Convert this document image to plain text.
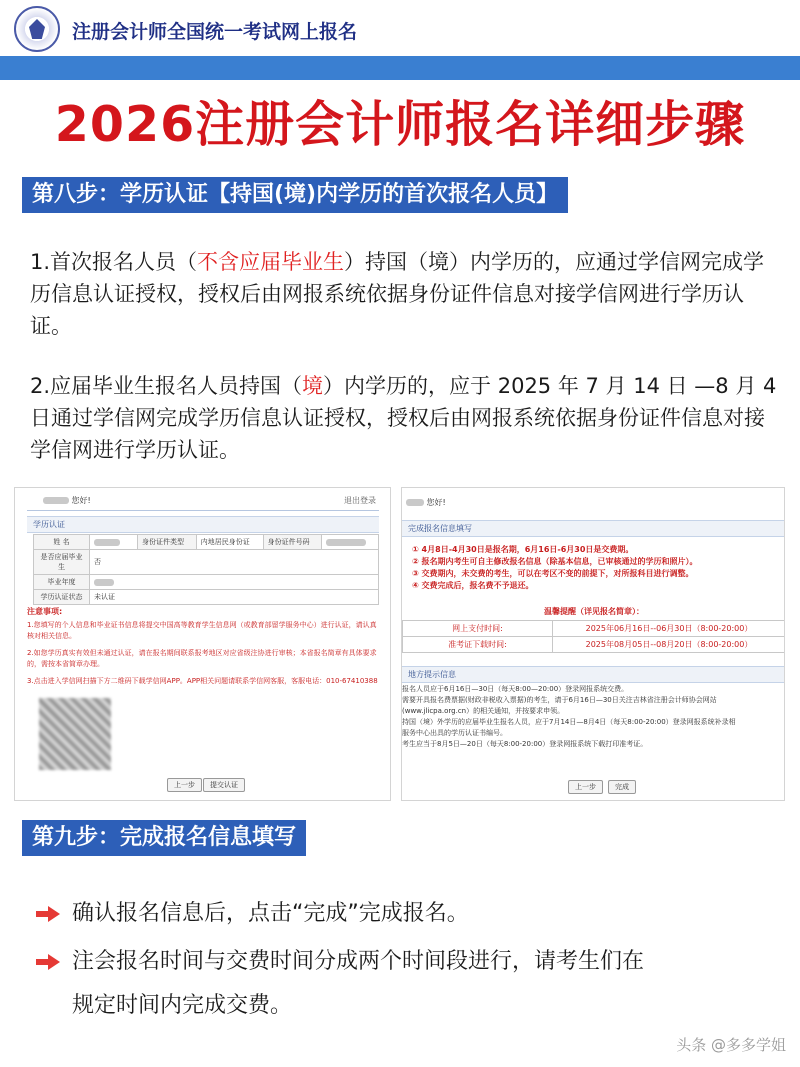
注册会计师全国统一考试网上报名
2026注册会计师报名详细步骤
第八步：学历认证【持国(境)内学历的首次报名人员】
1.首次报名人员（不含应届毕业生）持国（境）内学历的，应通过学信网完成学历信息认证授权，授权后由网报系统依据身份证件信息对接学信网进行学历认证。
2.应届毕业生报名人员持国（境）内学历的，应于 2025 年 7 月 14 日 —8 月 4 日通过学信网完成学历信息认证授权，授权后由网报系统依据身份证件信息对接学信网进行学历认证。
您好!	退出登录
学历认证
姓 名		身份证件类型	内地居民身份证	身份证件号码	
是否应届毕业生	否				
毕业年度					
学历认证状态	未认证				
注意事项:
1.您填写的个人信息和毕业证书信息将提交中国高等教育学生信息网（或教育部留学服务中心）进行认证，请认真核对相关信息。
2.如您学历真实有效但未通过认证，请在报名期间联系报考地区对应省级注协进行审核；本省报名简章有具体要求的，需按本省简章办理。
3.点击进入学信网扫描下方二维码下载学信网APP。APP相关问题请联系学信网客服，客服电话：010-67410388
上一步	提交认证
您好!
完成报名信息填写
① 4月8日-4月30日是报名期，6月16日-6月30日是交费期。
② 报名期内考生可自主修改报名信息（除基本信息，已审核通过的学历和照片）。
③ 交费期内，未交费的考生，可以在考区不变的前提下，对所报科目进行调整。
④ 交费完成后，报名费不予退还。
温馨提醒（详见报名简章）：
网上支付时间:	2025年06月16日--06月30日（8:00-20:00）
准考证下载时间:	2025年08月05日--08月20日（8:00-20:00）
地方提示信息
报名人员应于6月16日—30日（每天8:00—20:00）登录网报系统交费。
需要开具报名费票据(财政非税收入票据)的考生，请于6月16日—30日关注吉林省注册会计师协会网站
(www.jlicpa.org.cn）的相关通知，并按要求申领。
持国（境）外学历的应届毕业生报名人员，应于7月14日—8月4日（每天8:00-20:00）登录网报系统补录相
服务中心出具的学历认证书编号。
考生应当于8月5日—20日（每天8:00-20:00）登录网报系统下载打印准考证。
上一步	完成
第九步：完成报名信息填写
确认报名信息后，点击“完成”完成报名。
注会报名时间与交费时间分成两个时间段进行，请考生们在
规定时间内完成交费。
头条 @多多学姐
